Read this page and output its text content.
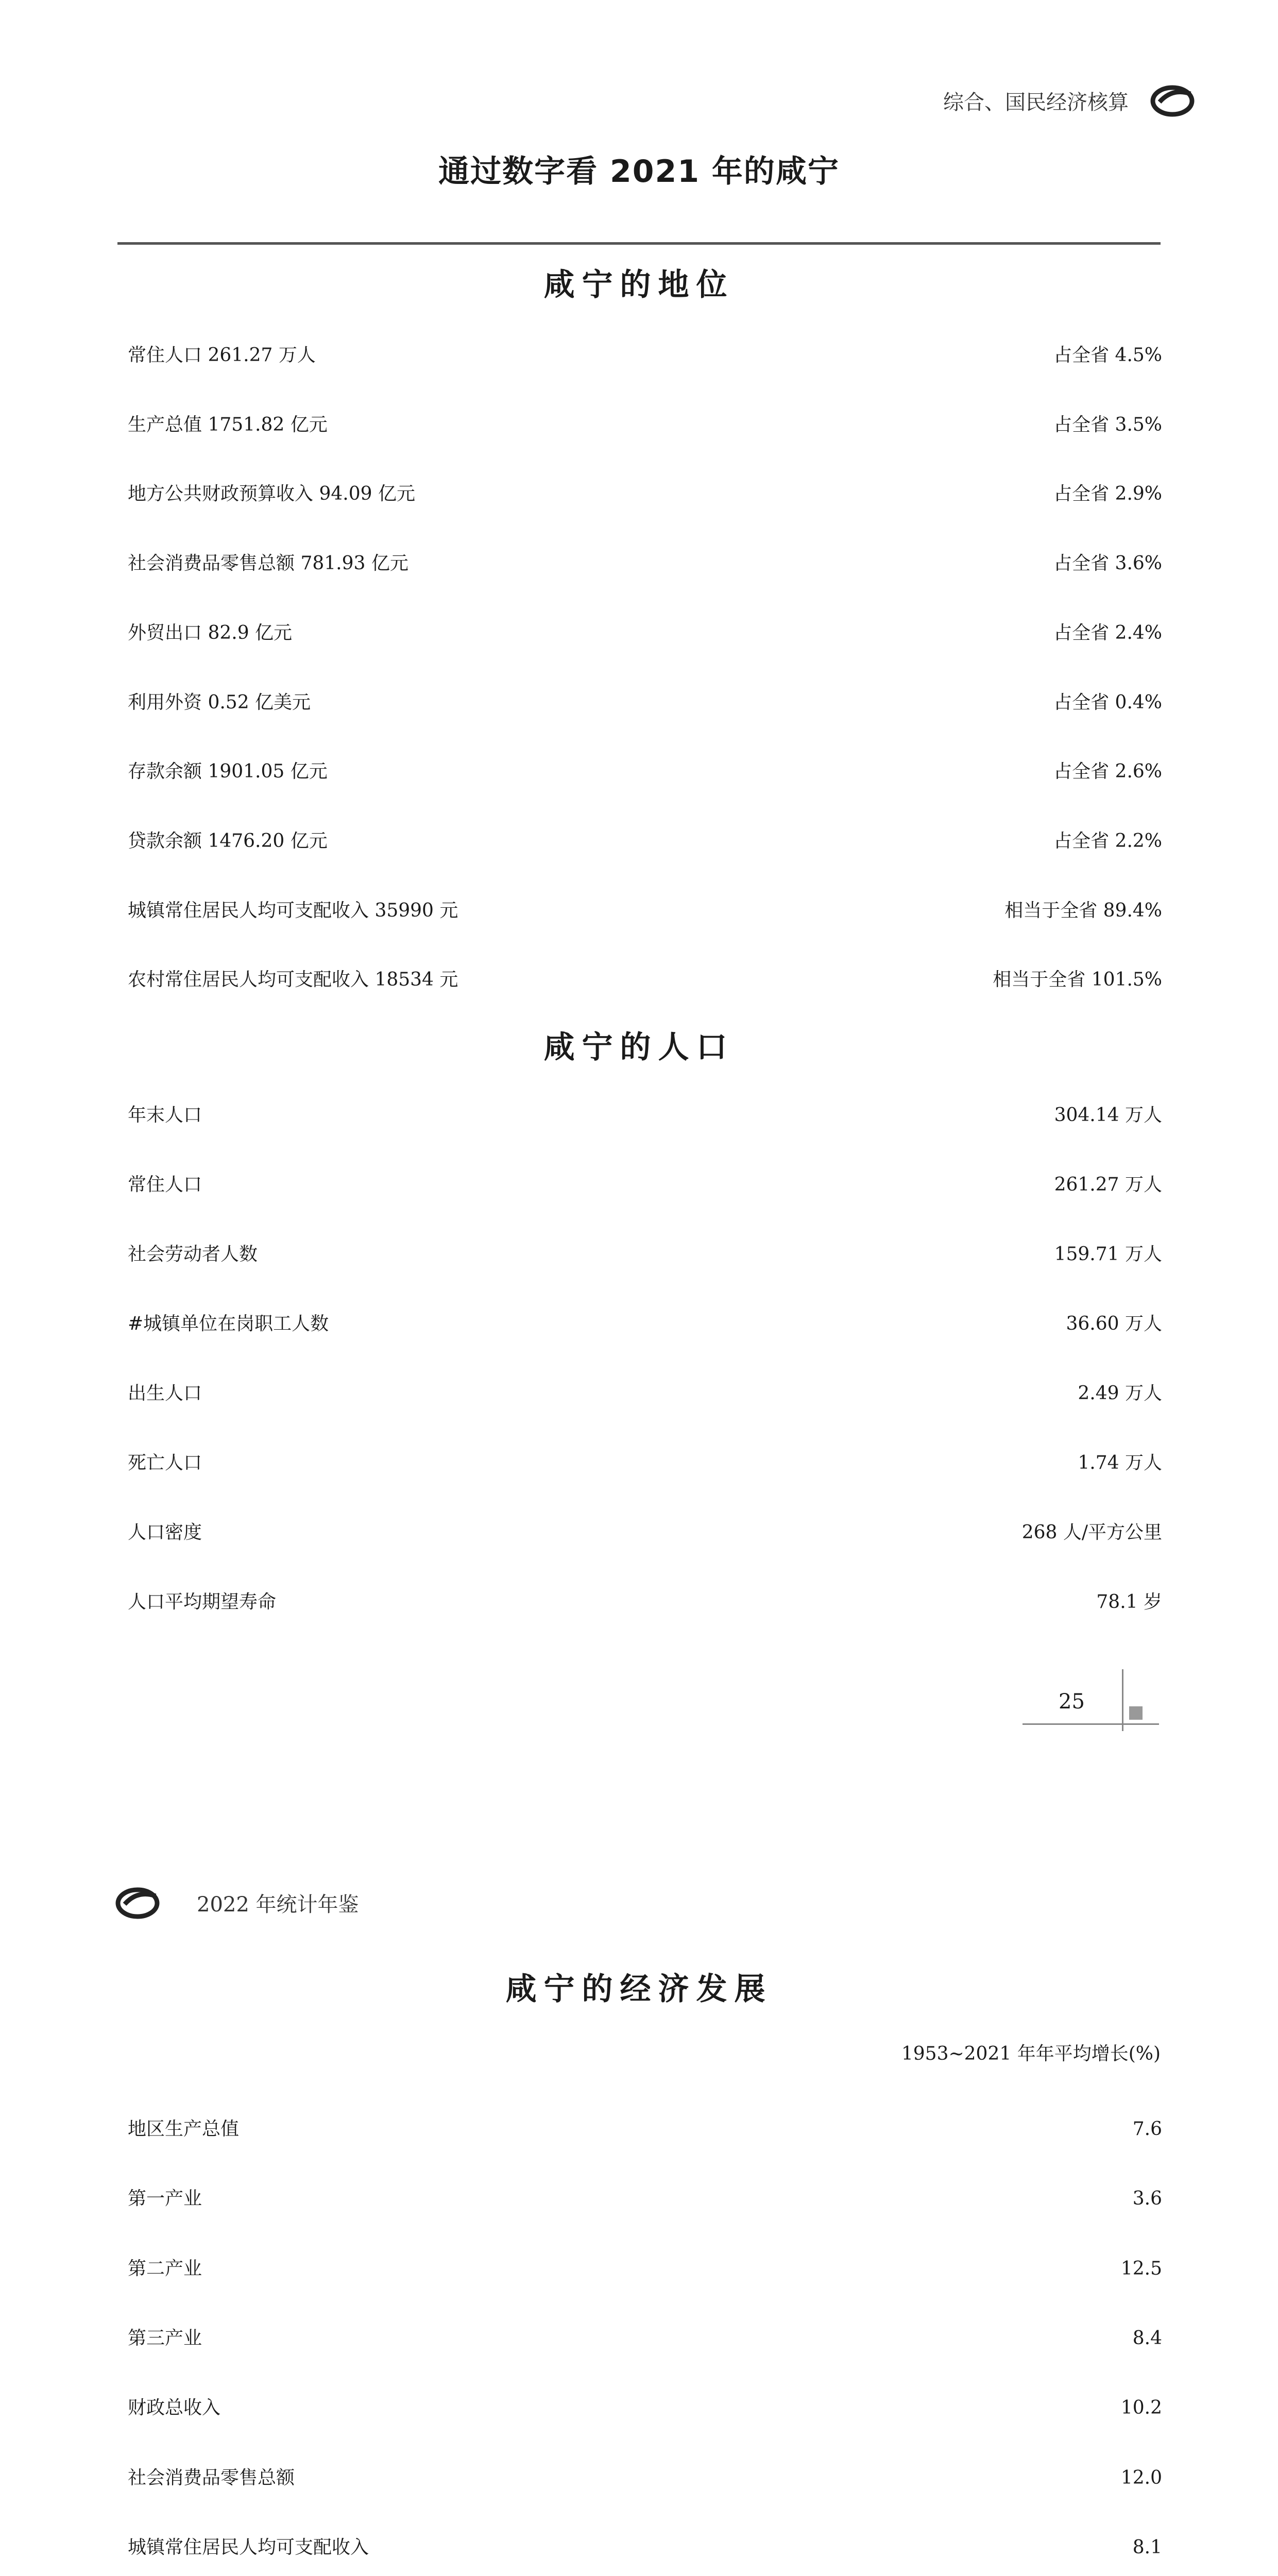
综合、国民经济核算
通过数字看 2021 年的咸宁
咸宁的地位
常住人口 261.27 万人	占全省 4.5%
生产总值 1751.82 亿元	占全省 3.5%
地方公共财政预算收入 94.09 亿元	占全省 2.9%
社会消费品零售总额 781.93 亿元	占全省 3.6%
外贸出口 82.9 亿元	占全省 2.4%
利用外资 0.52 亿美元	占全省 0.4%
存款余额 1901.05 亿元	占全省 2.6%
贷款余额 1476.20 亿元	占全省 2.2%
城镇常住居民人均可支配收入 35990 元	相当于全省 89.4%
农村常住居民人均可支配收入 18534 元	相当于全省 101.5%
咸宁的人口
年末人口	304.14 万人
常住人口	261.27 万人
社会劳动者人数	159.71 万人
#城镇单位在岗职工人数	36.60 万人
出生人口	2.49 万人
死亡人口	1.74 万人
人口密度	268 人/平方公里
人口平均期望寿命	78.1 岁
25
2022 年统计年鉴
咸宁的经济发展
1953~2021 年年平均增长(%)
地区生产总值	7.6
第一产业	3.6
第二产业	12.5
第三产业	8.4
财政总收入	10.2
社会消费品零售总额	12.0
城镇常住居民人均可支配收入	8.1
